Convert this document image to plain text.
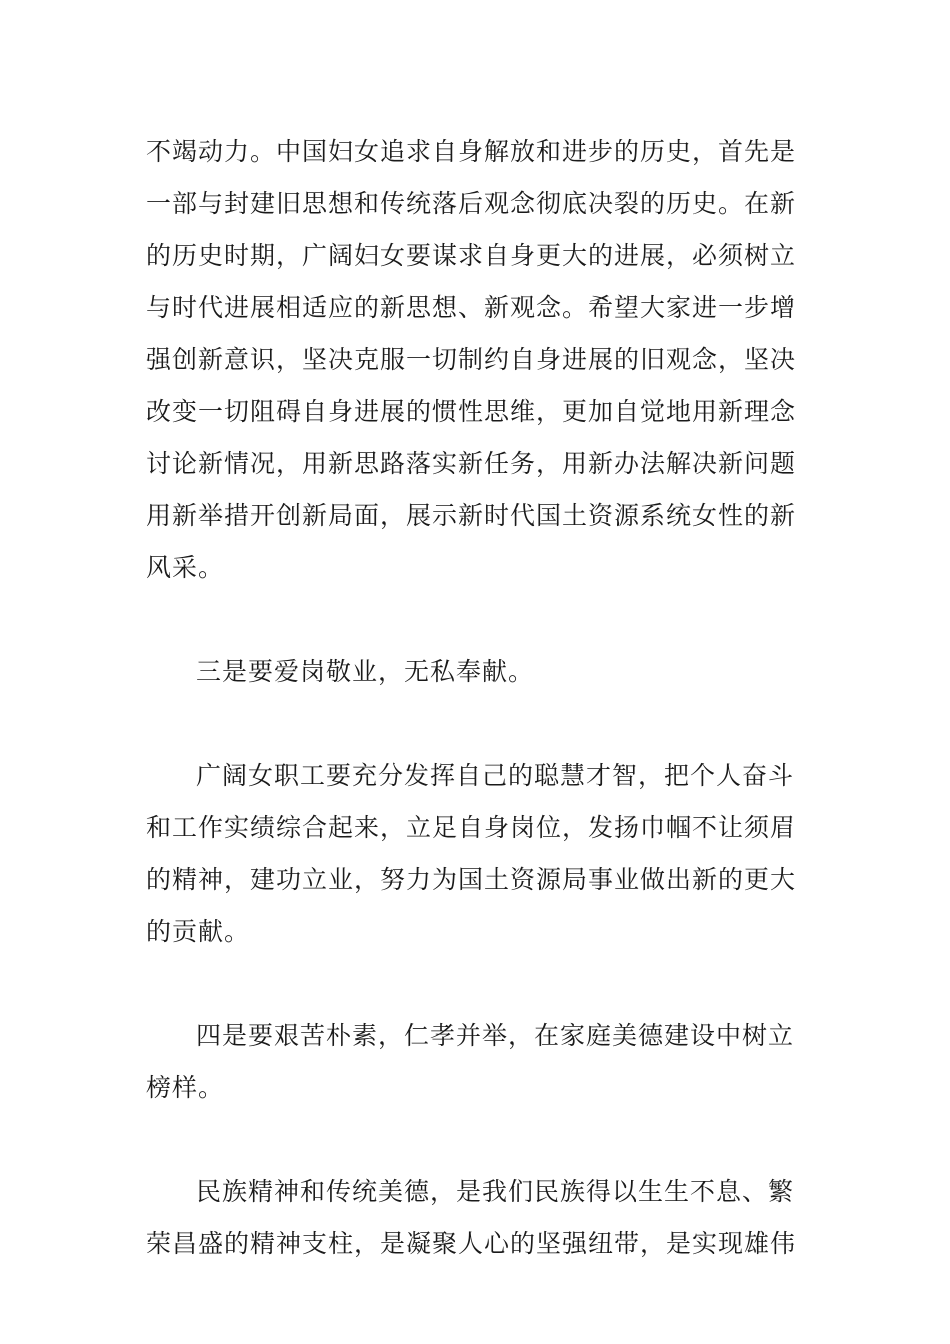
不竭动力。中国妇女追求自身解放和进步的历史，首先是
一部与封建旧思想和传统落后观念彻底决裂的历史。在新
的历史时期，广阔妇女要谋求自身更大的进展，必须树立
与时代进展相适应的新思想、新观念。希望大家进一步增
强创新意识，坚决克服一切制约自身进展的旧观念，坚决
改变一切阻碍自身进展的惯性思维，更加自觉地用新理念
讨论新情况，用新思路落实新任务，用新办法解决新问题
用新举措开创新局面，展示新时代国土资源系统女性的新
风采。

三是要爱岗敬业，无私奉献。

广阔女职工要充分发挥自己的聪慧才智，把个人奋斗
和工作实绩综合起来，立足自身岗位，发扬巾帼不让须眉
的精神，建功立业，努力为国土资源局事业做出新的更大
的贡献。

四是要艰苦朴素，仁孝并举，在家庭美德建设中树立
榜样。

民族精神和传统美德，是我们民族得以生生不息、繁
荣昌盛的精神支柱，是凝聚人心的坚强纽带，是实现雄伟
